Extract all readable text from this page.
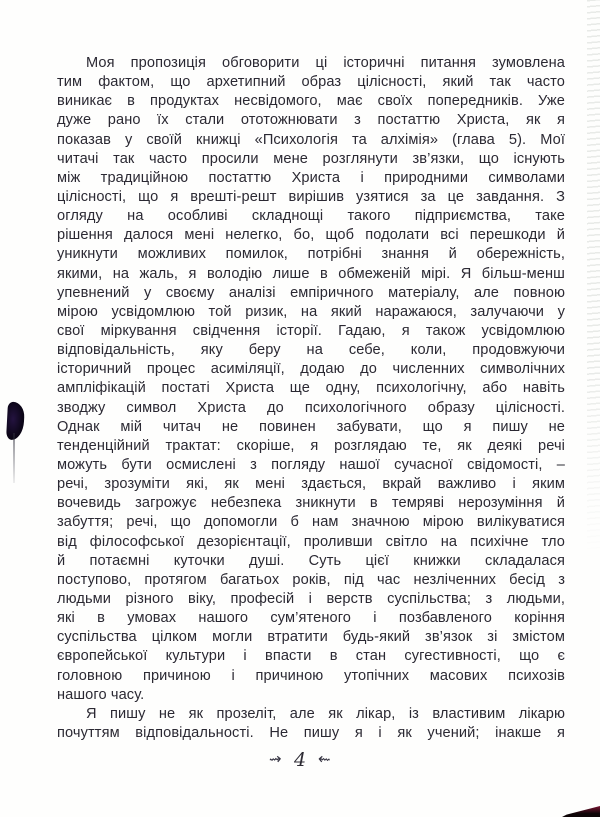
Моя пропозиція обговорити ці історичні питання зумовлена
тим фактом, що архетипний образ цілісності, який так часто
виникає в продуктах несвідомого, має своїх попередників. Уже
дуже рано їх стали ототожнювати з постаттю Христа, як я
показав у своїй книжці «Психологія та алхімія» (глава 5). Мої
читачі так часто просили мене розглянути зв’язки, що існують
між традиційною постаттю Христа і природними символами
цілісності, що я врешті-решт вирішив узятися за це завдання. З
огляду на особливі складнощі такого підприємства, таке
рішення далося мені нелегко, бо, щоб подолати всі перешкоди й
уникнути можливих помилок, потрібні знання й обережність,
якими, на жаль, я володію лише в обмеженій мірі. Я більш-менш
упевнений у своєму аналізі емпіричного матеріалу, але повною
мірою усвідомлюю той ризик, на який наражаюся, залучаючи у
свої міркування свідчення історії. Гадаю, я також усвідомлюю
відповідальність, яку беру на себе, коли, продовжуючи
історичний процес асиміляції, додаю до численних символічних
ампліфікацій постаті Христа ще одну, психологічну, або навіть
зводжу символ Христа до психологічного образу цілісності.
Однак мій читач не повинен забувати, що я пишу не
тенденційний трактат: скоріше, я розглядаю те, як деякі речі
можуть бути осмислені з погляду нашої сучасної свідомості, –
речі, зрозуміти які, як мені здається, вкрай важливо і яким
вочевидь загрожує небезпека зникнути в темряві нерозуміння й
забуття; речі, що допомогли б нам значною мірою вилікуватися
від філософської дезорієнтації, проливши світло на психічне тло
й потаємні куточки душі. Суть цієї книжки складалася
поступово, протягом багатьох років, під час незліченних бесід з
людьми різного віку, професій і верств суспільства; з людьми,
які в умовах нашого сум’ятеного і позбавленого коріння
суспільства цілком могли втратити будь-який зв’язок зі змістом
європейської культури і впасти в стан сугестивності, що є
головною причиною і причиною утопічних масових психозів
нашого часу.
Я пишу не як прозеліт, але як лікар, із властивим лікарю
почуттям відповідальності. Не пишу я і як учений; інакше я
⇝ 4 ⇜
